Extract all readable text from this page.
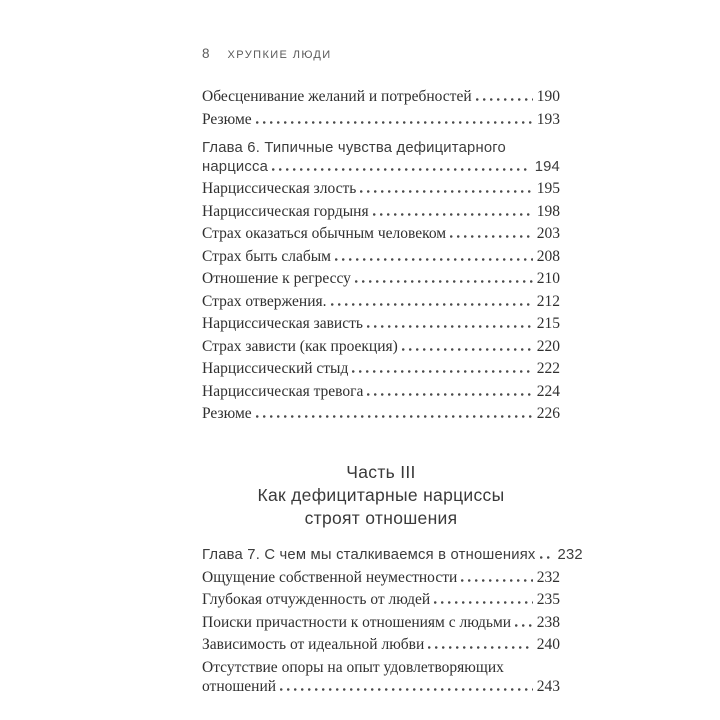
8 ХРУПКИЕ ЛЮДИ
Обесценивание желаний и потребностей	190
Резюме	193
Глава 6. Типичные чувства дефицитарного
нарцисса	194
Нарциссическая злость	195
Нарциссическая гордыня	198
Страх оказаться обычным человеком	203
Страх быть слабым	208
Отношение к регрессу	210
Страх отвержения.	212
Нарциссическая зависть	215
Страх зависти (как проекция)	220
Нарциссический стыд	222
Нарциссическая тревога	224
Резюме	226
Часть III
Как дефицитарные нарциссы
строят отношения
Глава 7. С чем мы сталкиваемся в отношениях 232
Ощущение собственной неуместности	232
Глубокая отчужденность от людей	235
Поиски причастности к отношениям с людьми 238
Зависимость от идеальной любви	240
Отсутствие опоры на опыт удовлетворяющих
отношений	243
